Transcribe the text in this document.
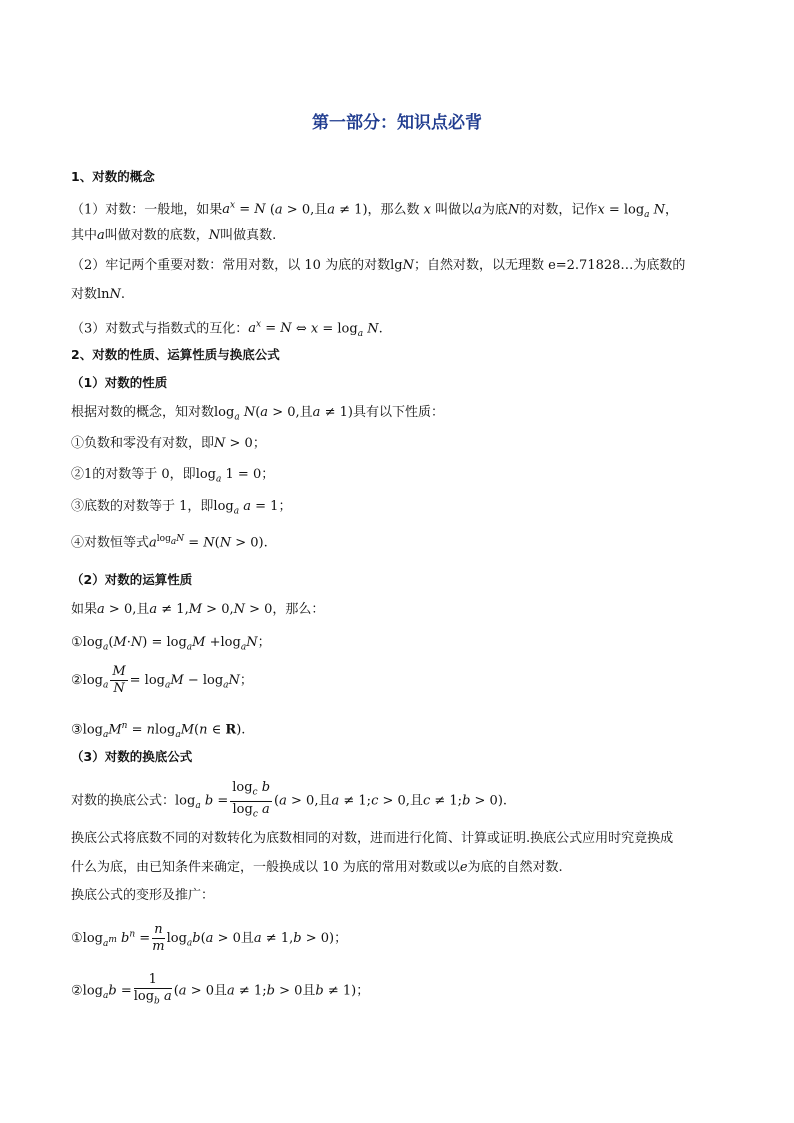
第一部分：知识点必背
1、对数的概念
（1）对数：一般地，如果$a^x = N$ (a > 0,且a ≠ 1)，那么数 x 叫做以a为底N的对数，记作$x = \log_a N$，
其中a叫做对数的底数，N叫做真数.
（2）牢记两个重要对数：常用对数，以 10 为底的对数lgN；自然对数，以无理数 e=2.71828…为底数的
对数lnN.
（3）对数式与指数式的互化：$a^x = N$ ⇔ $x = \log_a N$.
2、对数的性质、运算性质与换底公式
（1）对数的性质
根据对数的概念，知对数$\log_a N(a > 0$,且a ≠ 1)具有以下性质：
①负数和零没有对数，即N > 0；
②1的对数等于 0，即$\log_a 1 = 0$；
③底数的对数等于 1，即$\log_a a = 1$；
④对数恒等式$a^{log_aN} = N(N > 0)$.
（2）对数的运算性质
如果a > 0,且a ≠ 1,M > 0,N > 0，那么：
$①\log_a(M\cdot N) = \log_aM +\log_aN$；
$②\log_a \frac{M}{N} = \log_aM - \log_aN$；
$③\log_aM^n = nlog_aM(n$ ∈ R).
（3）对数的换底公式
对数的换底公式：$\log_a b = \frac{\log_c b}{\log_c a} (a > 0$,且a ≠ 1;c > 0,且c ≠ 1;b > 0).
换底公式将底数不同的对数转化为底数相同的对数，进而进行化简、计算或证明.换底公式应用时究竟换成
什么为底，由已知条件来确定，一般换成以 10 为底的常用对数或以e为底的自然对数.
换底公式的变形及推广：
$①\log_{a^m}$ $b^n = \frac{n}{m} \log_ab(a > 0$且a ≠ 1,b > 0)；
$②\log_ab = \frac{1}{\log_b a} (a > 0$且a ≠ 1;b > 0且b ≠ 1)；
